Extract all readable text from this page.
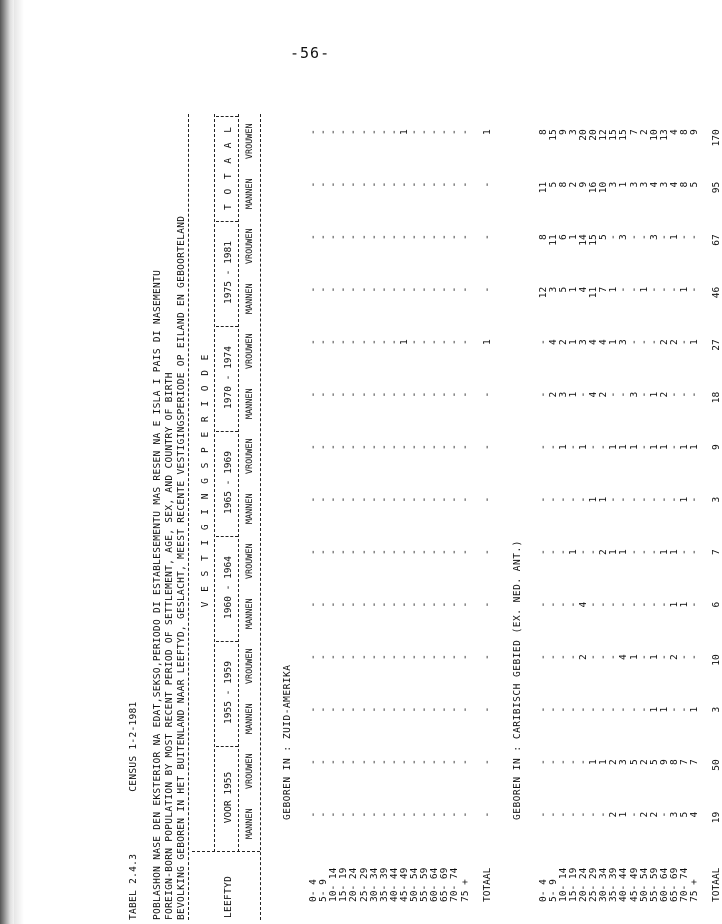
-56-
TABEL 2.4.3  CENSUS 1-2-1981 POBLASHON NASE DEN EKSTERIOR NA EDAT,SEKSO,PERIODO DI ESTABLESEMENTU MAS RESEN NA E ISLA I PAIS DI NASEMENTU FOREIGN-BORN POPULATION BY MOST RECENT PERIOD OF SETTLEMENT, AGE, SEX, AND COUNTRY OF BIRTH BEVOLKING GEBOREN IN HET BUITENLAND NAAR LEEFTYD, GESLACHT, MEEST RECENTE VESTIGINGSPERIODE OP EILAND EN GEBOORTELAND V E S T I G I N G S P E R I O D E
LEEFTYD
VOOR 1955
1955 - 1959
1960 - 1964
1965 - 1969
1970 - 1974
1975 - 1981
T O T A A L
MANNEN
VROUWEN
MANNEN
VROUWEN
MANNEN
VROUWEN
MANNEN
VROUWEN
MANNEN
VROUWEN
MANNEN
VROUWEN
MANNEN
VROUWEN
GEBOREN IN : ZUID-AMERIKA
0- 4
-
-
-
-
-
-
-
-
-
-
-
-
-
-
5- 9
-
-
-
-
-
-
-
-
-
-
-
-
-
-
10- 14
-
-
-
-
-
-
-
-
-
-
-
-
-
-
15- 19
-
-
-
-
-
-
-
-
-
-
-
-
-
-
20- 24
-
-
-
-
-
-
-
-
-
-
-
-
-
-
25- 29
-
-
-
-
-
-
-
-
-
-
-
-
-
-
30- 34
-
-
-
-
-
-
-
-
-
-
-
-
-
-
35- 39
-
-
-
-
-
-
-
-
-
-
-
-
-
-
40- 44
-
-
-
-
-
-
-
-
-
-
-
-
-
-
45- 49
-
-
-
-
-
-
-
-
-
1
-
-
-
1
50- 54
-
-
-
-
-
-
-
-
-
-
-
-
-
-
55- 59
-
-
-
-
-
-
-
-
-
-
-
-
-
-
60- 64
-
-
-
-
-
-
-
-
-
-
-
-
-
-
65- 69
-
-
-
-
-
-
-
-
-
-
-
-
-
-
70- 74
-
-
-
-
-
-
-
-
-
-
-
-
-
-
75 +
-
-
-
-
-
-
-
-
-
-
-
-
-
-
TOTAAL
-
-
-
-
-
-
-
-
-
1
-
-
-
1
GEBOREN IN : CARIBISCH GEBIED (EX. NED. ANT.)
0- 4
-
-
-
-
-
-
-
-
-
-
12
8
11
8
5- 9
-
-
-
-
-
-
-
-
2
4
3
11
5
15
10- 14
-
-
-
-
-
-
-
1
3
2
5
6
8
9
15- 19
-
-
-
-
-
1
-
-
1
1
1
1
2
3
20- 24
-
-
-
2
4
-
-
1
-
3
4
14
9
20
25- 29
-
1
-
-
-
-
1
-
4
4
11
15
16
20
30- 34
-
1
-
-
-
2
1
-
2
4
7
5
10
12
35- 39
2
2
-
-
-
1
-
1
-
1
1
-
3
15
40- 44
1
3
-
4
-
1
-
1
-
3
-
3
1
15
45- 49
-
5
-
1
-
-
-
1
3
-
-
-
3
7
50- 54
2
2
-
-
-
-
-
-
-
-
1
-
3
2
55- 59
2
5
1
1
-
-
-
1
1
-
-
3
4
10
60- 64
-
9
1
-
-
1
-
1
2
2
-
-
3
13
65- 69
3
8
-
2
1
1
-
-
-
2
-
1
4
4
70- 74
5
7
-
-
1
-
1
1
-
-
1
-
8
8
75 +
4
7
1
-
-
-
-
1
-
1
-
-
5
9
TOTAAL
19
50
3
10
6
7
3
9
18
27
46
67
95
170
